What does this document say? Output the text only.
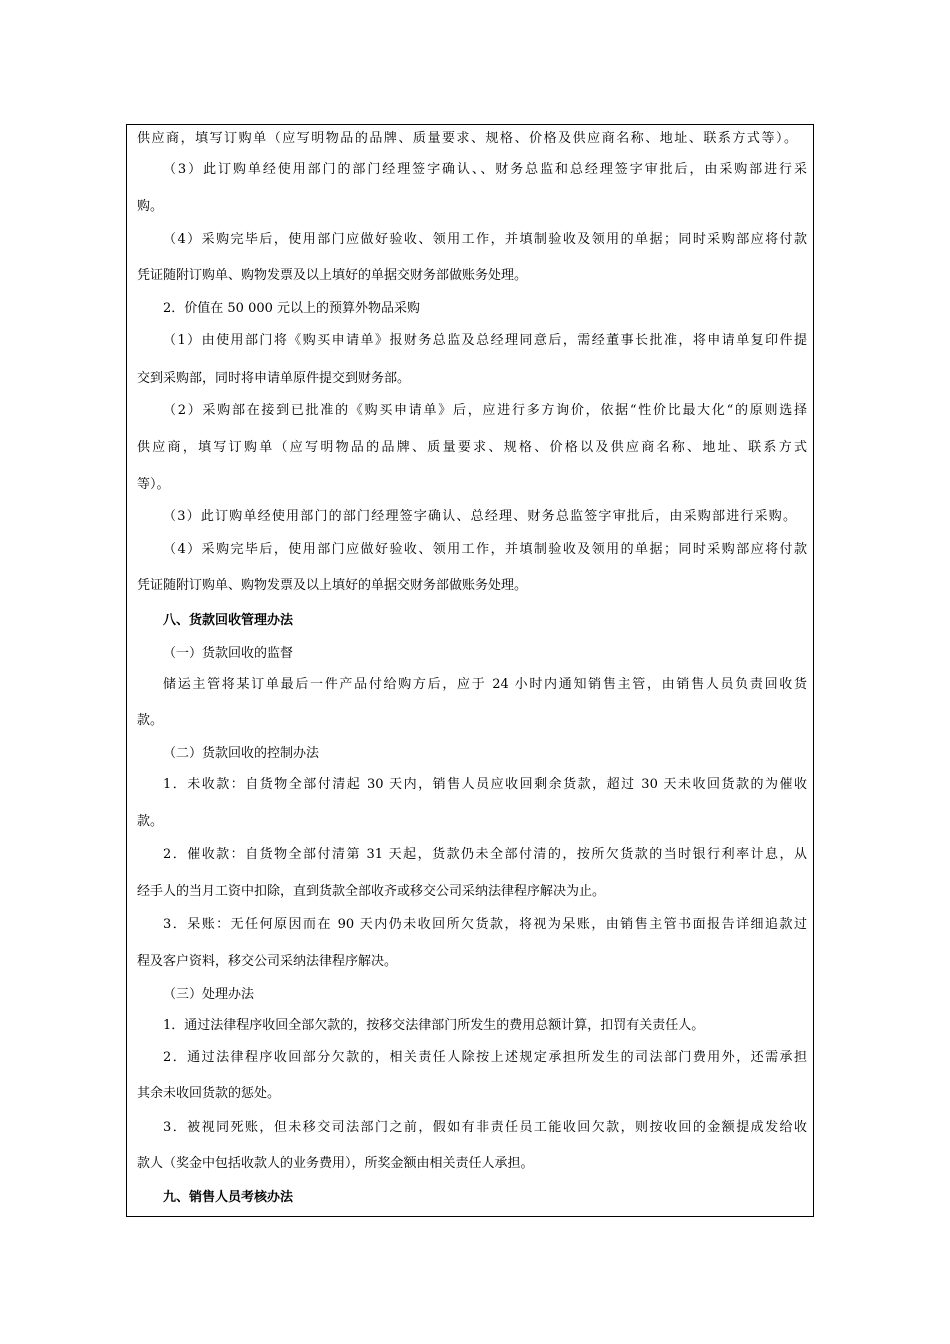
供应商，填写订购单（应写明物品的品牌、质量要求、规格、价格及供应商名称、地址、联系方式等）。
（3）此订购单经使用部门的部门经理签字确认、、财务总监和总经理签字审批后，由采购部进行采
购。
（4）采购完毕后，使用部门应做好验收、领用工作，并填制验收及领用的单据；同时采购部应将付款
凭证随附订购单、购物发票及以上填好的单据交财务部做账务处理。
2．价值在 50 000 元以上的预算外物品采购
（1）由使用部门将《购买申请单》报财务总监及总经理同意后，需经董事长批准，将申请单复印件提
交到采购部，同时将申请单原件提交到财务部。
（2）采购部在接到已批准的《购买申请单》后，应进行多方询价，依据“性价比最大化“的原则选择
供应商，填写订购单（应写明物品的品牌、质量要求、规格、价格以及供应商名称、地址、联系方式
等）。
（3）此订购单经使用部门的部门经理签字确认、总经理、财务总监签字审批后，由采购部进行采购。
（4）采购完毕后，使用部门应做好验收、领用工作，并填制验收及领用的单据；同时采购部应将付款
凭证随附订购单、购物发票及以上填好的单据交财务部做账务处理。
八、货款回收管理办法
（一）货款回收的监督
储运主管将某订单最后一件产品付给购方后，应于 24 小时内通知销售主管，由销售人员负责回收货
款。
（二）货款回收的控制办法
1．未收款：自货物全部付清起 30 天内，销售人员应收回剩余货款，超过 30 天未收回货款的为催收
款。
2．催收款：自货物全部付清第 31 天起，货款仍未全部付清的，按所欠货款的当时银行利率计息，从
经手人的当月工资中扣除，直到货款全部收齐或移交公司采纳法律程序解决为止。
3．呆账：无任何原因而在 90 天内仍未收回所欠货款，将视为呆账，由销售主管书面报告详细追款过
程及客户资料，移交公司采纳法律程序解决。
（三）处理办法
1．通过法律程序收回全部欠款的，按移交法律部门所发生的费用总额计算，扣罚有关责任人。
2．通过法律程序收回部分欠款的，相关责任人除按上述规定承担所发生的司法部门费用外，还需承担
其余未收回货款的惩处。
3．被视同死账，但未移交司法部门之前，假如有非责任员工能收回欠款，则按收回的金额提成发给收
款人（奖金中包括收款人的业务费用），所奖金额由相关责任人承担。
九、销售人员考核办法
